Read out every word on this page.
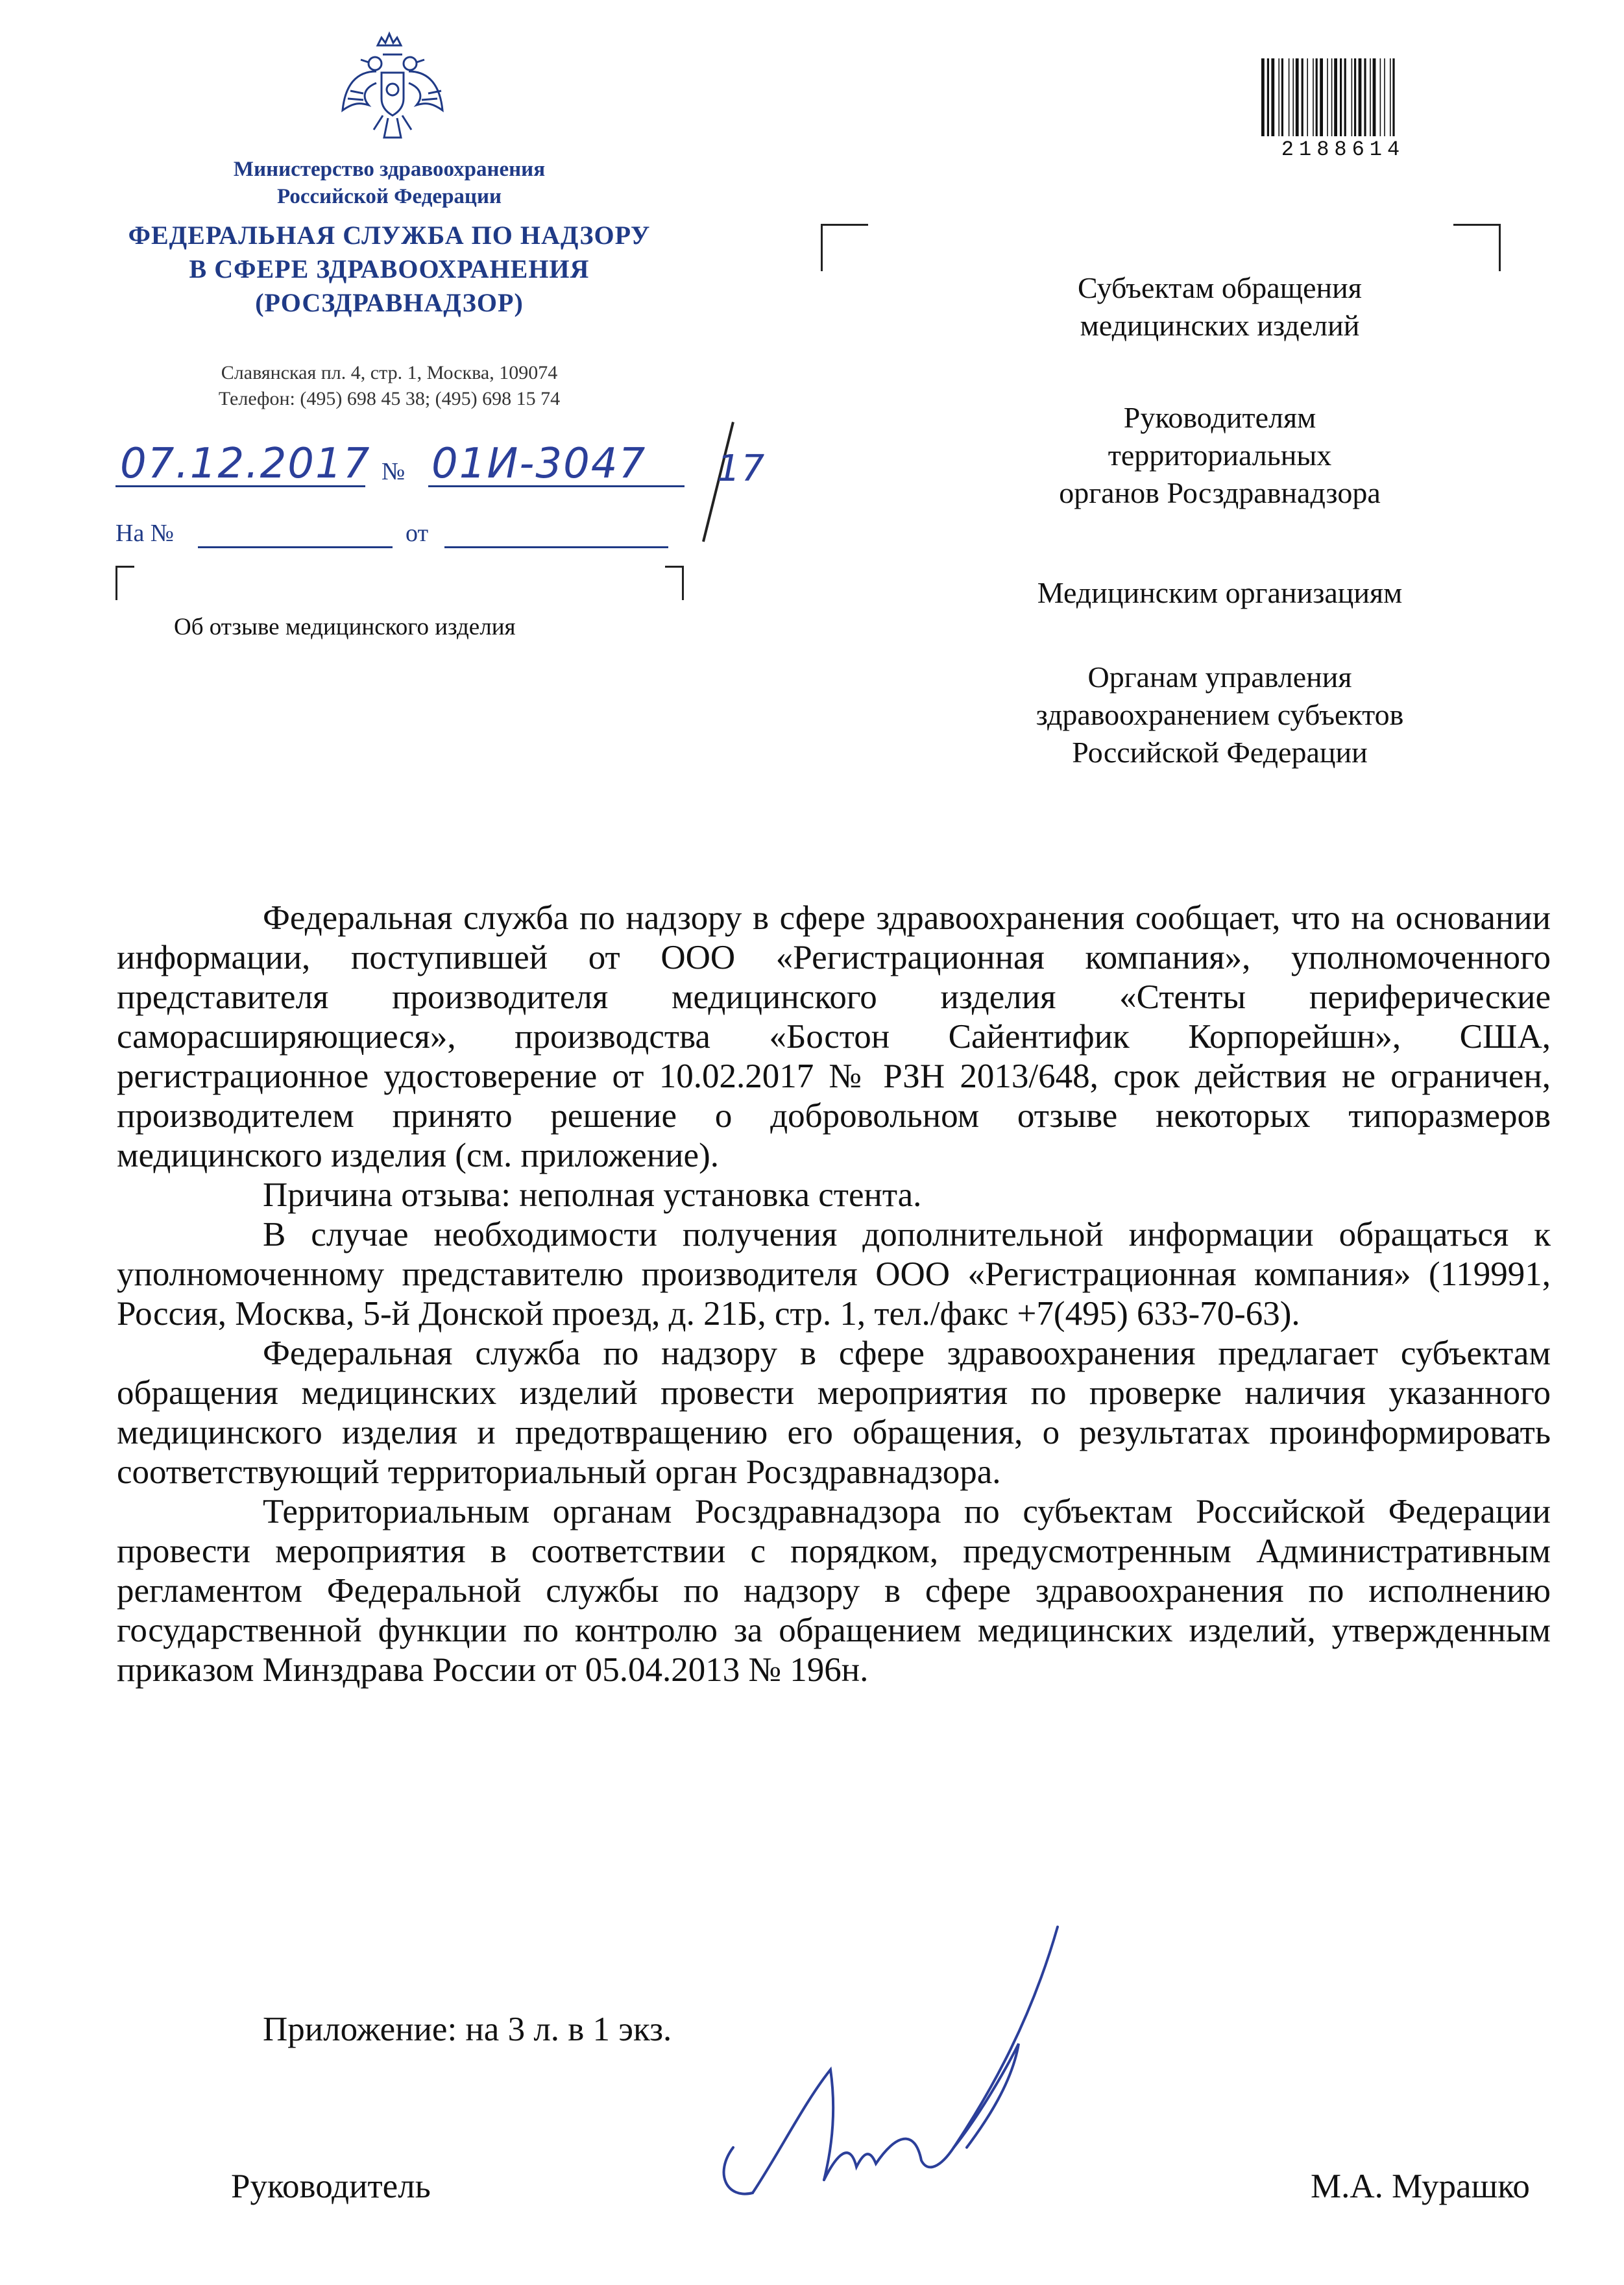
Министерство здравоохранения
Российской Федерации
ФЕДЕРАЛЬНАЯ СЛУЖБА ПО НАДЗОРУ
В СФЕРЕ ЗДРАВООХРАНЕНИЯ
(РОСЗДРАВНАДЗОР)
Славянская пл. 4, стр. 1, Москва, 109074
Телефон: (495) 698 45 38; (495) 698 15 74
07.12.2017 № 01И-3047 17
На №	от
Об отзыве медицинского изделия
2188614
Субъектам обращения
медицинских изделий
Руководителям
территориальных
органов Росздравнадзора
Медицинским организациям
Органам управления
здравоохранением субъектов
Российской Федерации

Федеральная служба по надзору в сфере здравоохранения сообщает, что на основании информации, поступившей от ООО «Регистрационная компания», уполномоченного представителя производителя медицинского изделия «Стенты периферические саморасширяющиеся», производства «Бостон Сайентифик Корпорейшн», США, регистрационное удостоверение от 10.02.2017 № РЗН 2013/648, срок действия не ограничен, производителем принято решение о добровольном отзыве некоторых типоразмеров медицинского изделия (см. приложение).

Причина отзыва: неполная установка стента.

В случае необходимости получения дополнительной информации обращаться к уполномоченному представителю производителя ООО «Регистрационная компания» (119991, Россия, Москва, 5-й Донской проезд, д. 21Б, стр. 1, тел./факс +7(495) 633-70-63).

Федеральная служба по надзору в сфере здравоохранения предлагает субъектам обращения медицинских изделий провести мероприятия по проверке наличия указанного медицинского изделия и предотвращению его обращения, о результатах проинформировать соответствующий территориальный орган Росздравнадзора.

Территориальным органам Росздравнадзора по субъектам Российской Федерации провести мероприятия в соответствии с порядком, предусмотренным Административным регламентом Федеральной службы по надзору в сфере здравоохранения по исполнению государственной функции по контролю за обращением медицинских изделий, утвержденным приказом Минздрава России от 05.04.2013 № 196н.

Приложение: на 3 л. в 1 экз.
Руководитель	М.А. Мурашко
